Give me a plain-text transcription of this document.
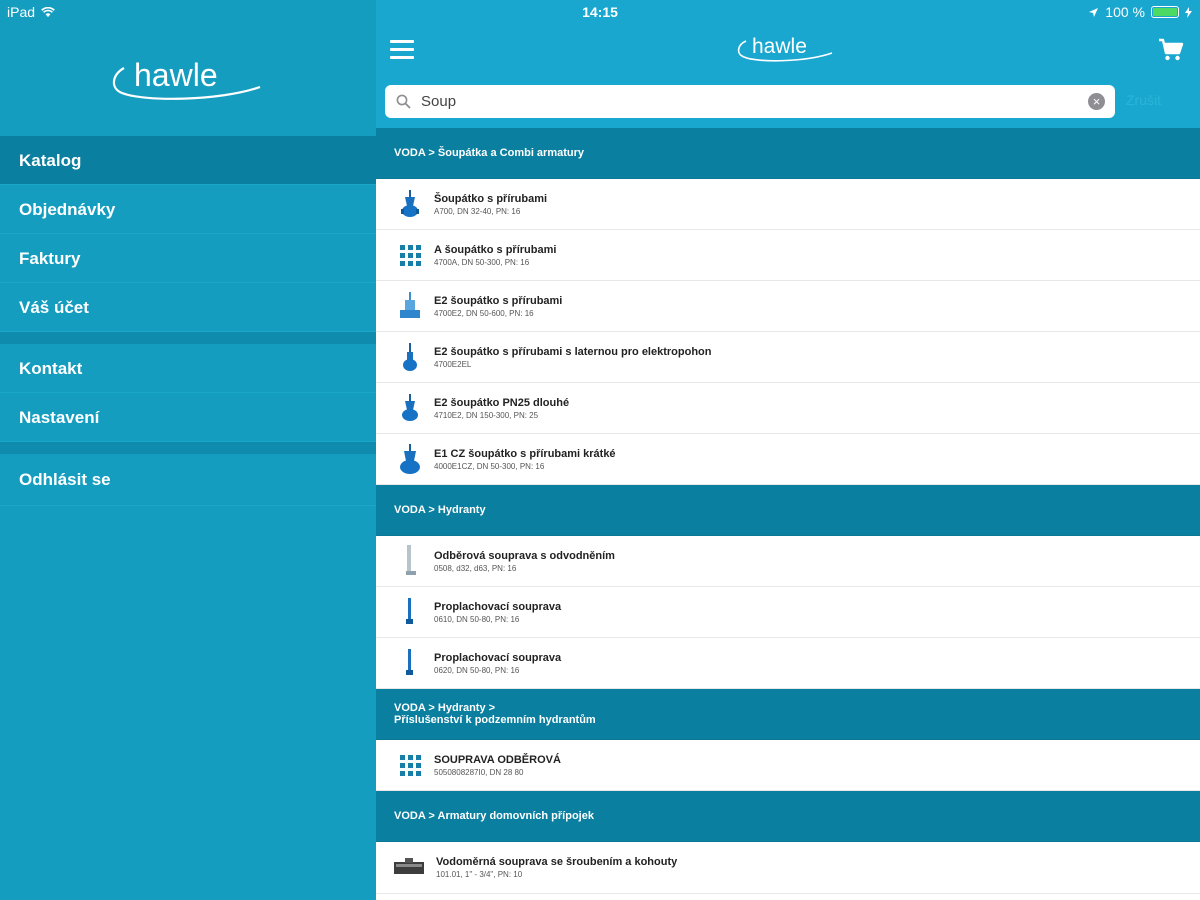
iPad	14:15	100 %
hawle
Katalog
Objednávky
Faktury
Váš účet
Kontakt
Nastavení
Odhlásit se
hawle
Soup
×	Zrušit
VODA > Šoupátka a Combi armatury
Šoupátko s přírubami
A700, DN 32-40, PN: 16
A šoupátko s přírubami
4700A, DN 50-300, PN: 16
E2 šoupátko s přírubami
4700E2, DN 50-600, PN: 16
E2 šoupátko s přírubami s laternou pro elektropohon
4700E2EL
E2 šoupátko PN25 dlouhé
4710E2, DN 150-300, PN: 25
E1 CZ šoupátko s přírubami krátké
4000E1CZ, DN 50-300, PN: 16
VODA > Hydranty
Odběrová souprava s odvodněním
0508, d32, d63, PN: 16
Proplachovací souprava
0610, DN 50-80, PN: 16
Proplachovací souprava
0620, DN 50-80, PN: 16
VODA > Hydranty >
Příslušenství k podzemním hydrantům
SOUPRAVA ODBĚROVÁ
5050808287I0, DN 28 80
VODA > Armatury domovních přípojek
Vodoměrná souprava se šroubením a kohouty
101.01, 1" - 3/4", PN: 10
